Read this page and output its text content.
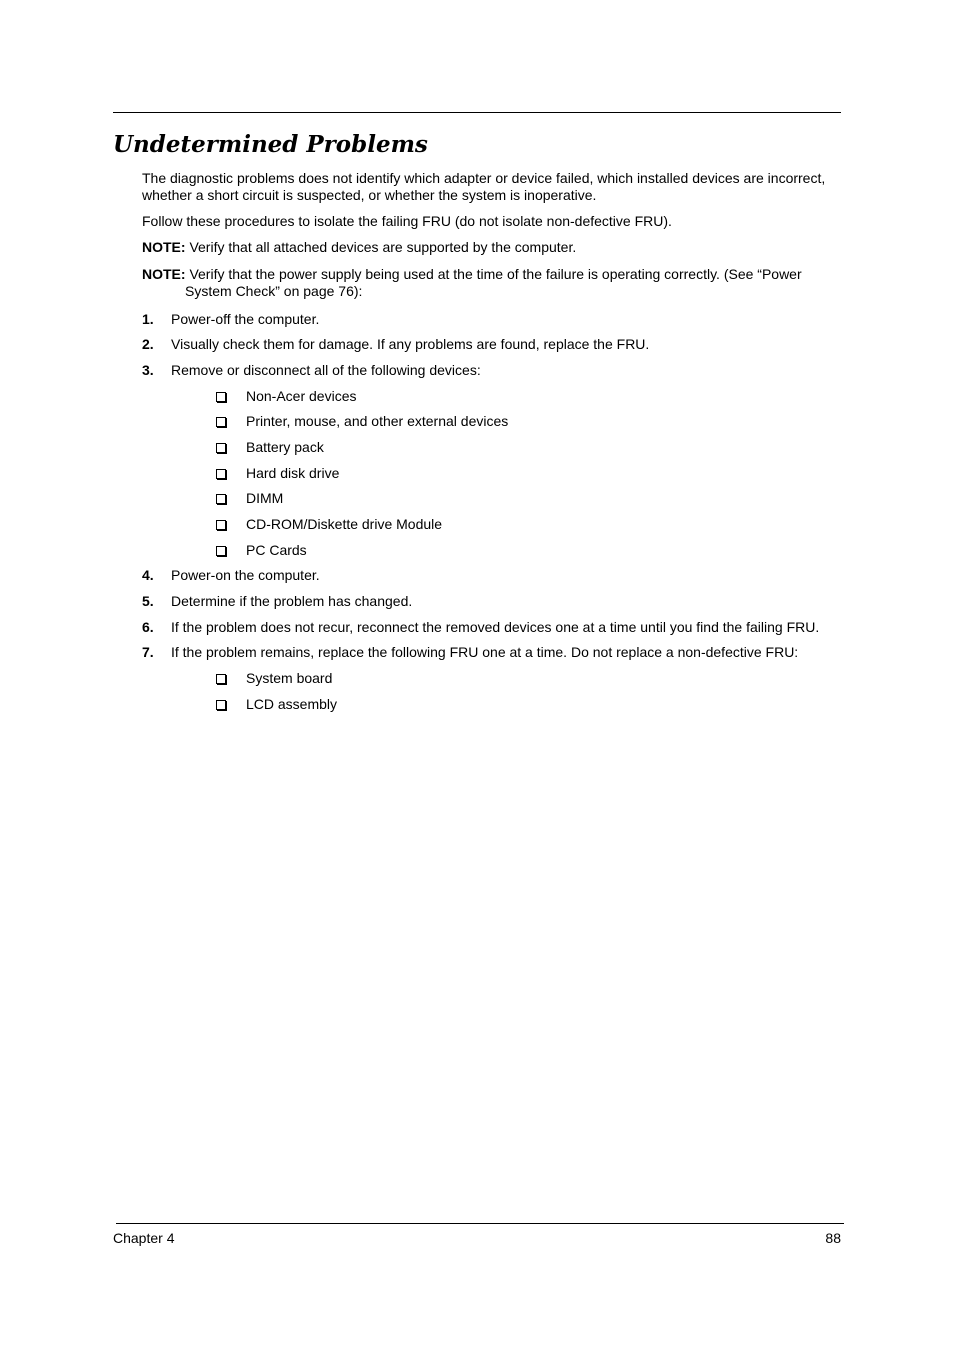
Undetermined Problems

The diagnostic problems does not identify which adapter or device failed, which installed devices are incorrect, whether a short circuit is suspected, or whether the system is inoperative.

Follow these procedures to isolate the failing FRU (do not isolate non-defective FRU).

NOTE: Verify that all attached devices are supported by the computer.

NOTE: Verify that the power supply being used at the time of the failure is operating correctly. (See “Power System Check” on page 76):

1. Power-off the computer.
2. Visually check them for damage. If any problems are found, replace the FRU.
3. Remove or disconnect all of the following devices:
Non-Acer devices
Printer, mouse, and other external devices
Battery pack
Hard disk drive
DIMM
CD-ROM/Diskette drive Module
PC Cards
4. Power-on the computer.
5. Determine if the problem has changed.
6. If the problem does not recur, reconnect the removed devices one at a time until you find the failing FRU.
7. If the problem remains, replace the following FRU one at a time. Do not replace a non-defective FRU:
System board
LCD assembly
Chapter 4	88
